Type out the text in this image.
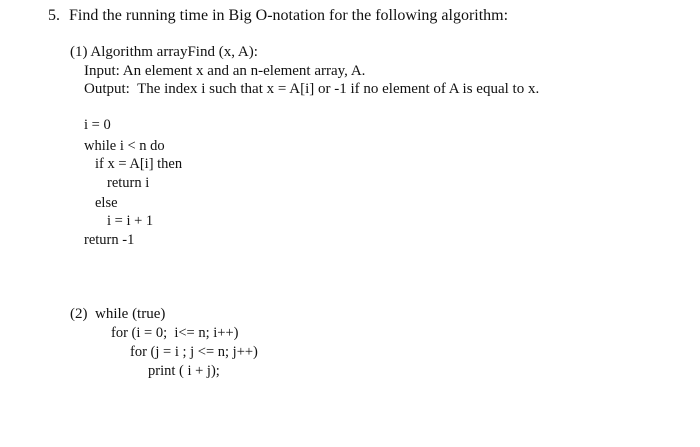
5. Find the running time in Big O-notation for the following algorithm:
(1) Algorithm arrayFind (x, A):
Input: An element x and an n-element array, A.
Output:  The index i such that x = A[i] or -1 if no element of A is equal to x.
i = 0
while i < n do
if x = A[i] then
return i
else
i = i + 1
return -1
(2)  while (true)
for (i = 0;  i<= n; i++)
for (j = i ; j <= n; j++)
print ( i + j);
